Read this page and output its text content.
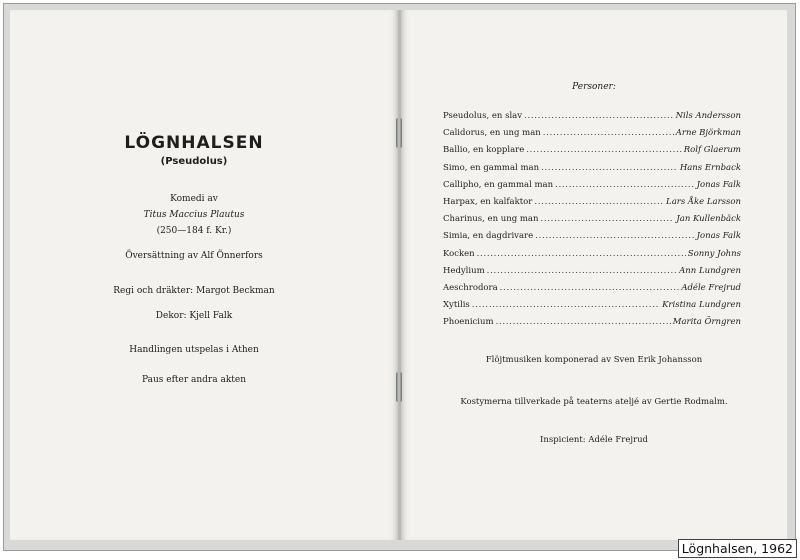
LÖGNHALSEN
(Pseudolus)
Komedi av
Titus Maccius Plautus
(250—184 f. Kr.)
Översättning av Alf Önnerfors
Regi och dräkter: Margot Beckman
Dekor: Kjell Falk
Handlingen utspelas i Athen
Paus efter andra akten
Personer:
Pseudolus, en slav . . .	Nils Andersson
Calidorus, en ung man . . .	Arne Björkman
Ballio, en kopplare . . .	Rolf Glaerum
Simo, en gammal man . . .	Hans Ernback
Callipho, en gammal man . . .	Jonas Falk
Harpax, en kalfaktor . . .	Lars Åke Larsson
Charinus, en ung man . . .	Jan Kullenbäck
Simia, en dagdrivare . . .	Jonas Falk
Kocken . . .	Sonny Johns
Hedylium . . .	Ann Lundgren
Aeschrodora . . .	Adéle Frejrud
Xytilis . . .	Kristina Lundgren
Phoenicium . . .	Marita Örngren
Flöjtmusiken komponerad av Sven Erik Johansson
Kostymerna tillverkade på teaterns ateljé av Gertie Rodmalm.
Inspicient: Adéle Frejrud
Lögnhalsen, 1962
